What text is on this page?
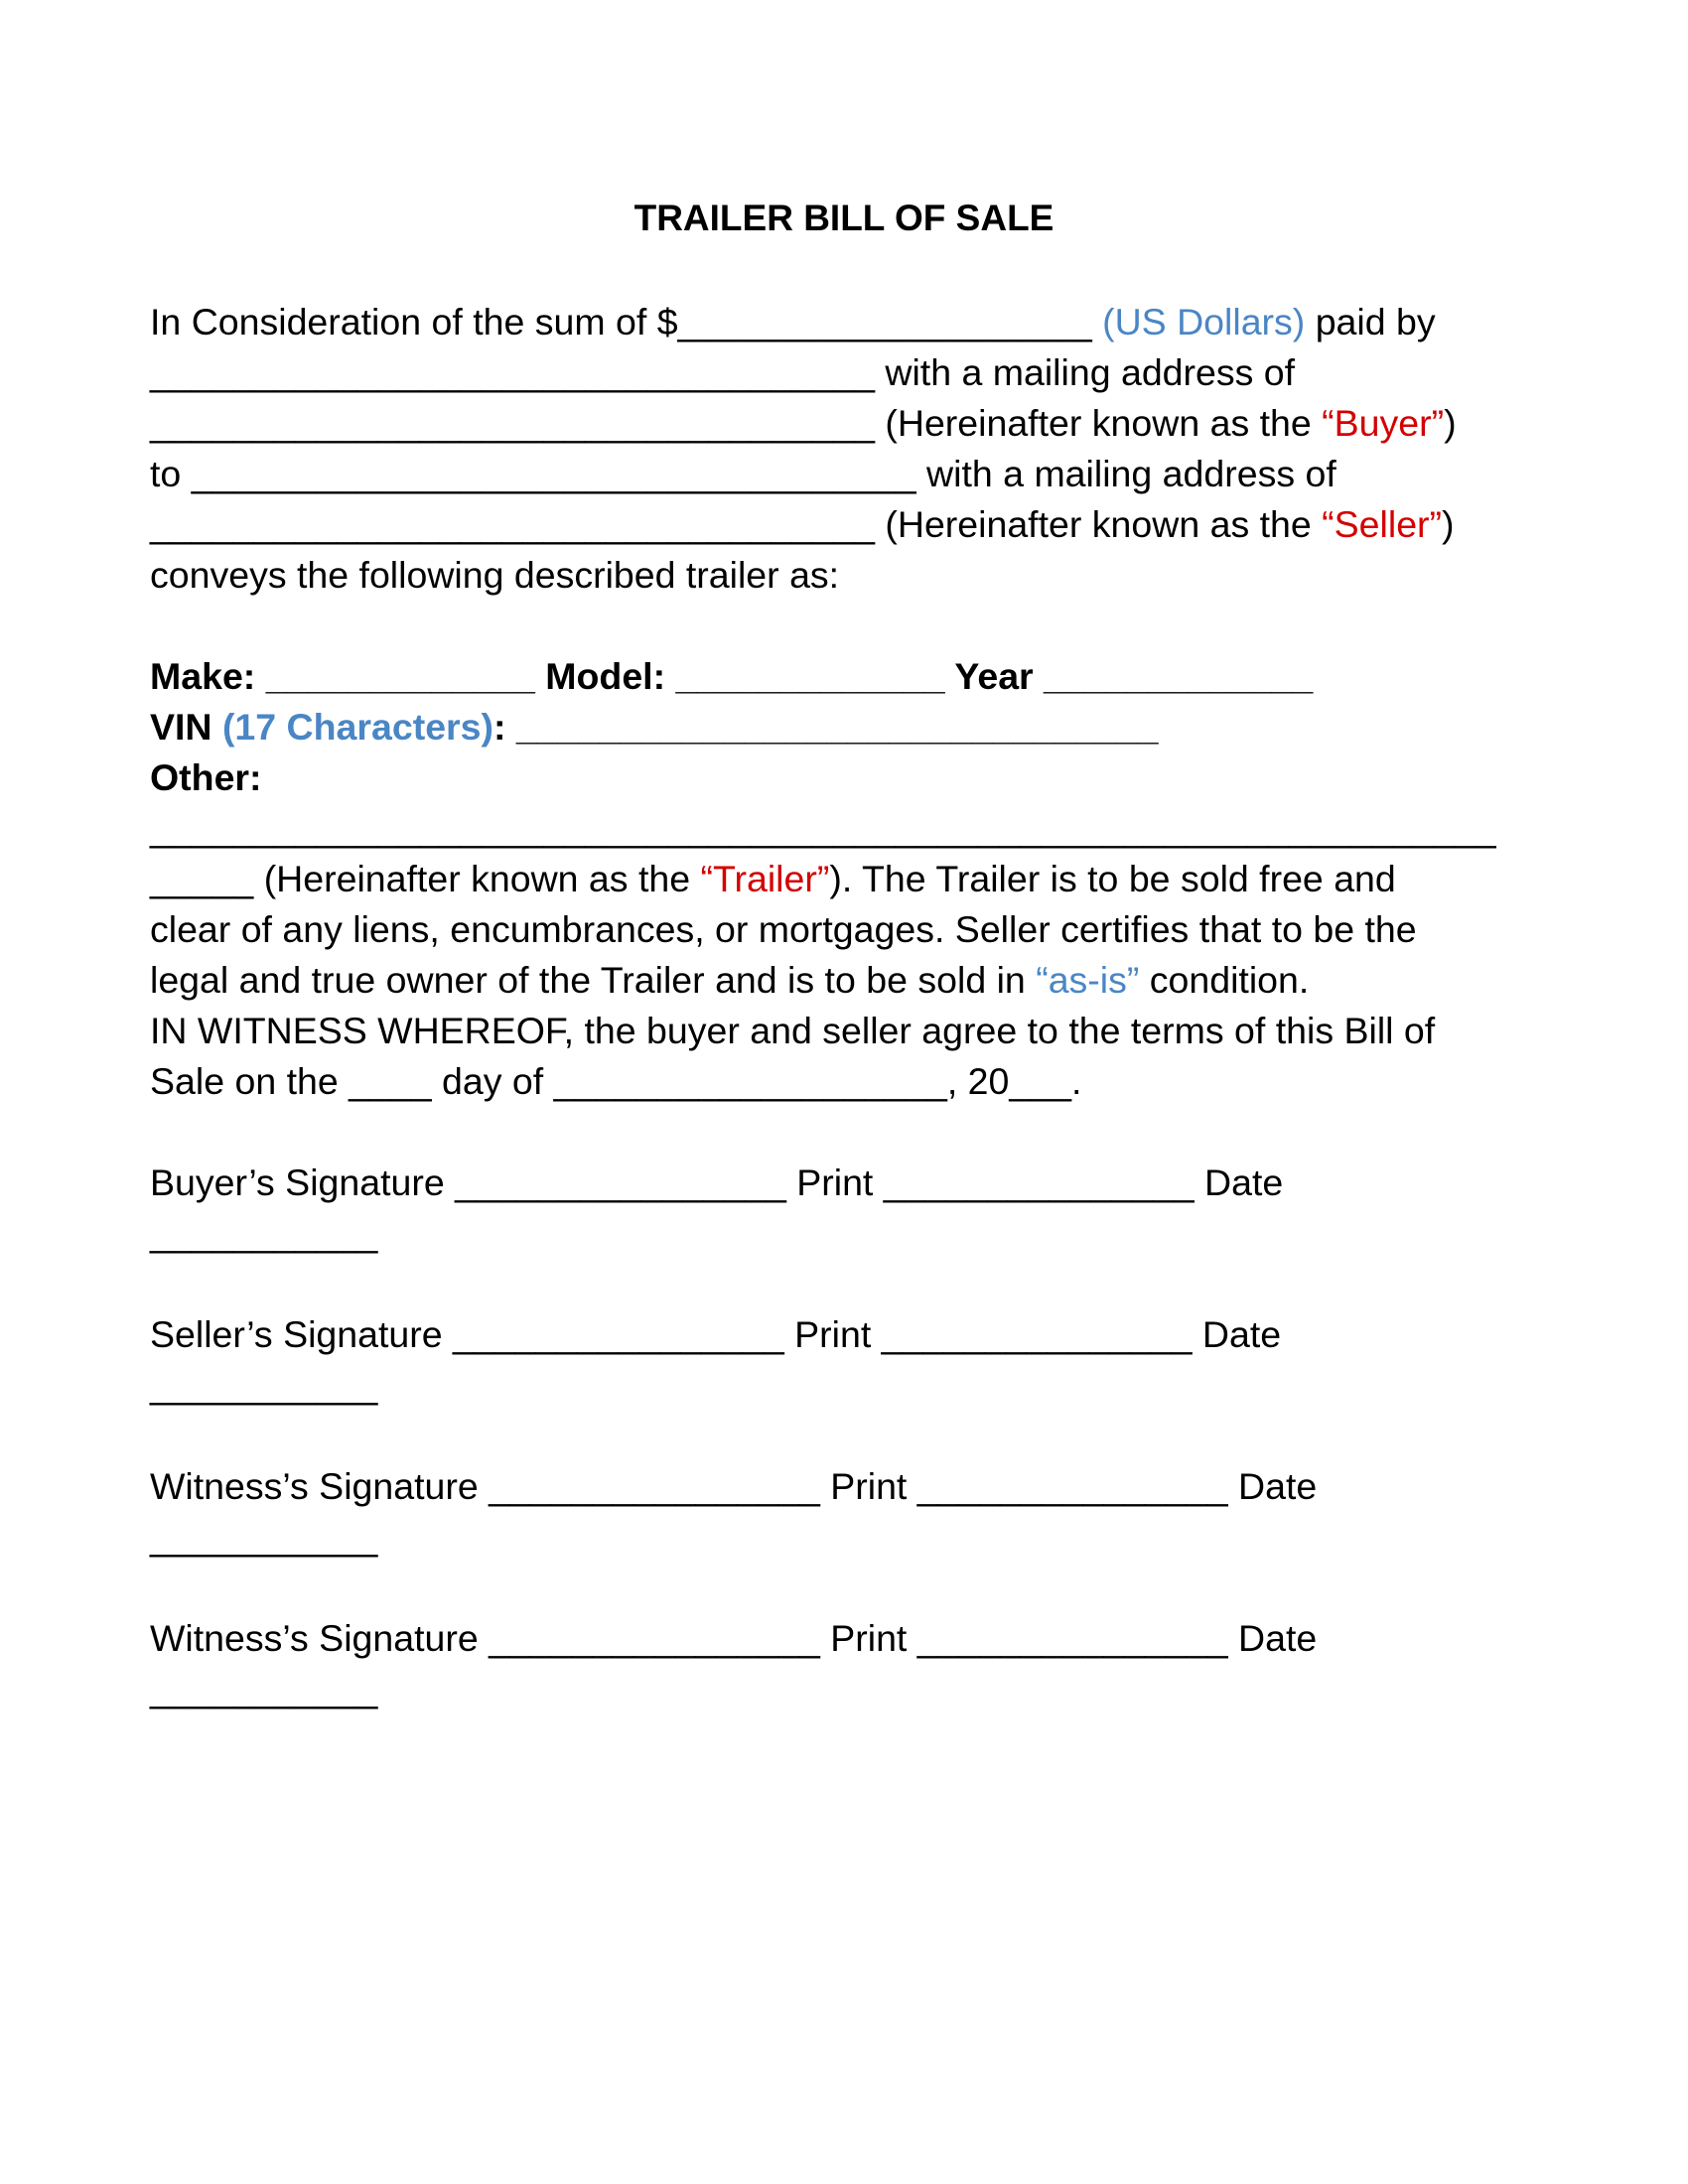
TRAILER BILL OF SALE
In Consideration of the sum of $____________________ (US Dollars) paid by
___________________________________ with a mailing address of
___________________________________ (Hereinafter known as the “Buyer”)
to ___________________________________ with a mailing address of
___________________________________ (Hereinafter known as the “Seller”)
conveys the following described trailer as:
Make: _____________ Model: _____________ Year _____________
VIN (17 Characters): _______________________________
Other:
_________________________________________________________________
_____ (Hereinafter known as the “Trailer”). The Trailer is to be sold free and
clear of any liens, encumbrances, or mortgages. Seller certifies that to be the
legal and true owner of the Trailer and is to be sold in “as-is” condition.
IN WITNESS WHEREOF, the buyer and seller agree to the terms of this Bill of
Sale on the ____ day of ___________________, 20___.
Buyer’s Signature ________________ Print _______________ Date
___________
Seller’s Signature ________________ Print _______________ Date
___________
Witness’s Signature ________________ Print _______________ Date
___________
Witness’s Signature ________________ Print _______________ Date
___________
